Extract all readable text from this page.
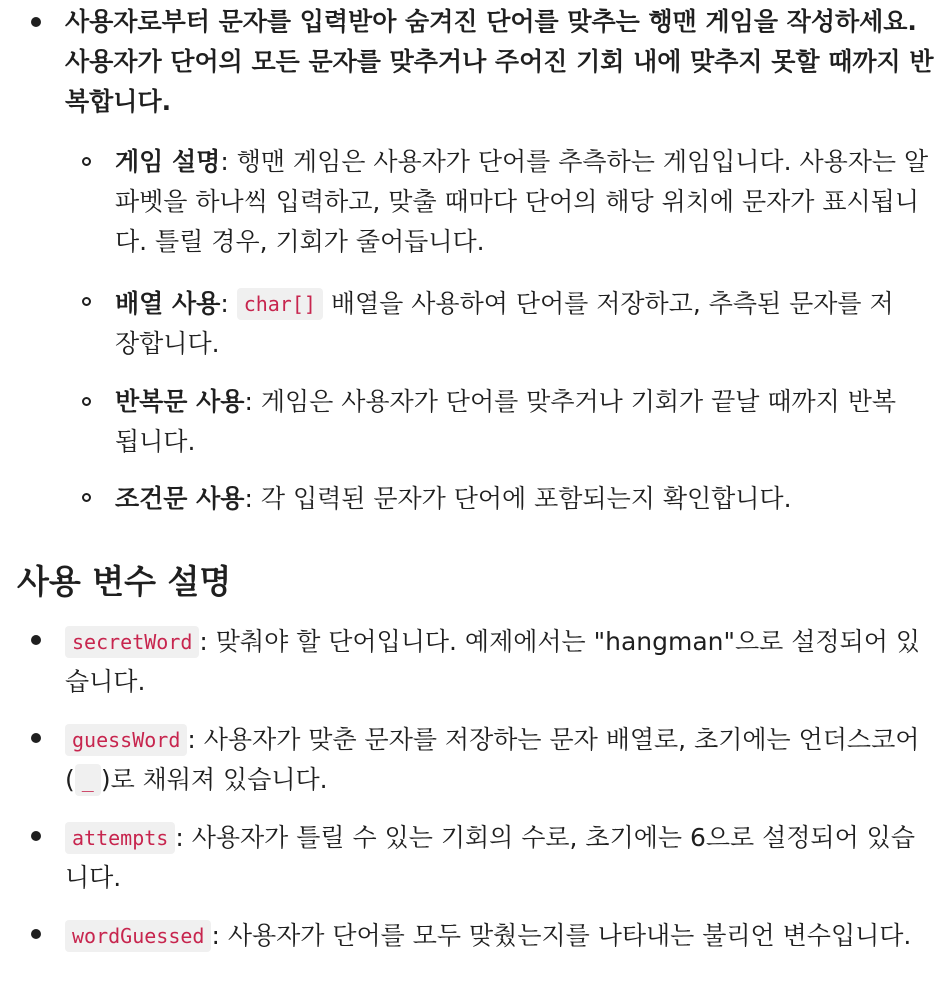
사용자로부터 문자를 입력받아 숨겨진 단어를 맞추는 행맨 게임을 작성하세요. 사용자가 단어의 모든 문자를 맞추거나 주어진 기회 내에 맞추지 못할 때까지 반복합니다.
게임 설명: 행맨 게임은 사용자가 단어를 추측하는 게임입니다. 사용자는 알파벳을 하나씩 입력하고, 맞출 때마다 단어의 해당 위치에 문자가 표시됩니다. 틀릴 경우, 기회가 줄어듭니다.
배열 사용: char[] 배열을 사용하여 단어를 저장하고, 추측된 문자를 저장합니다.
반복문 사용: 게임은 사용자가 단어를 맞추거나 기회가 끝날 때까지 반복됩니다.
조건문 사용: 각 입력된 문자가 단어에 포함되는지 확인합니다.
사용 변수 설명
secretWord : 맞춰야 할 단어입니다. 예제에서는 "hangman"으로 설정되어 있습니다.
guessWord : 사용자가 맞춘 문자를 저장하는 문자 배열로, 초기에는 언더스코어( _ )로 채워져 있습니다.
attempts : 사용자가 틀릴 수 있는 기회의 수로, 초기에는 6으로 설정되어 있습니다.
wordGuessed : 사용자가 단어를 모두 맞췄는지를 나타내는 불리언 변수입니다.
